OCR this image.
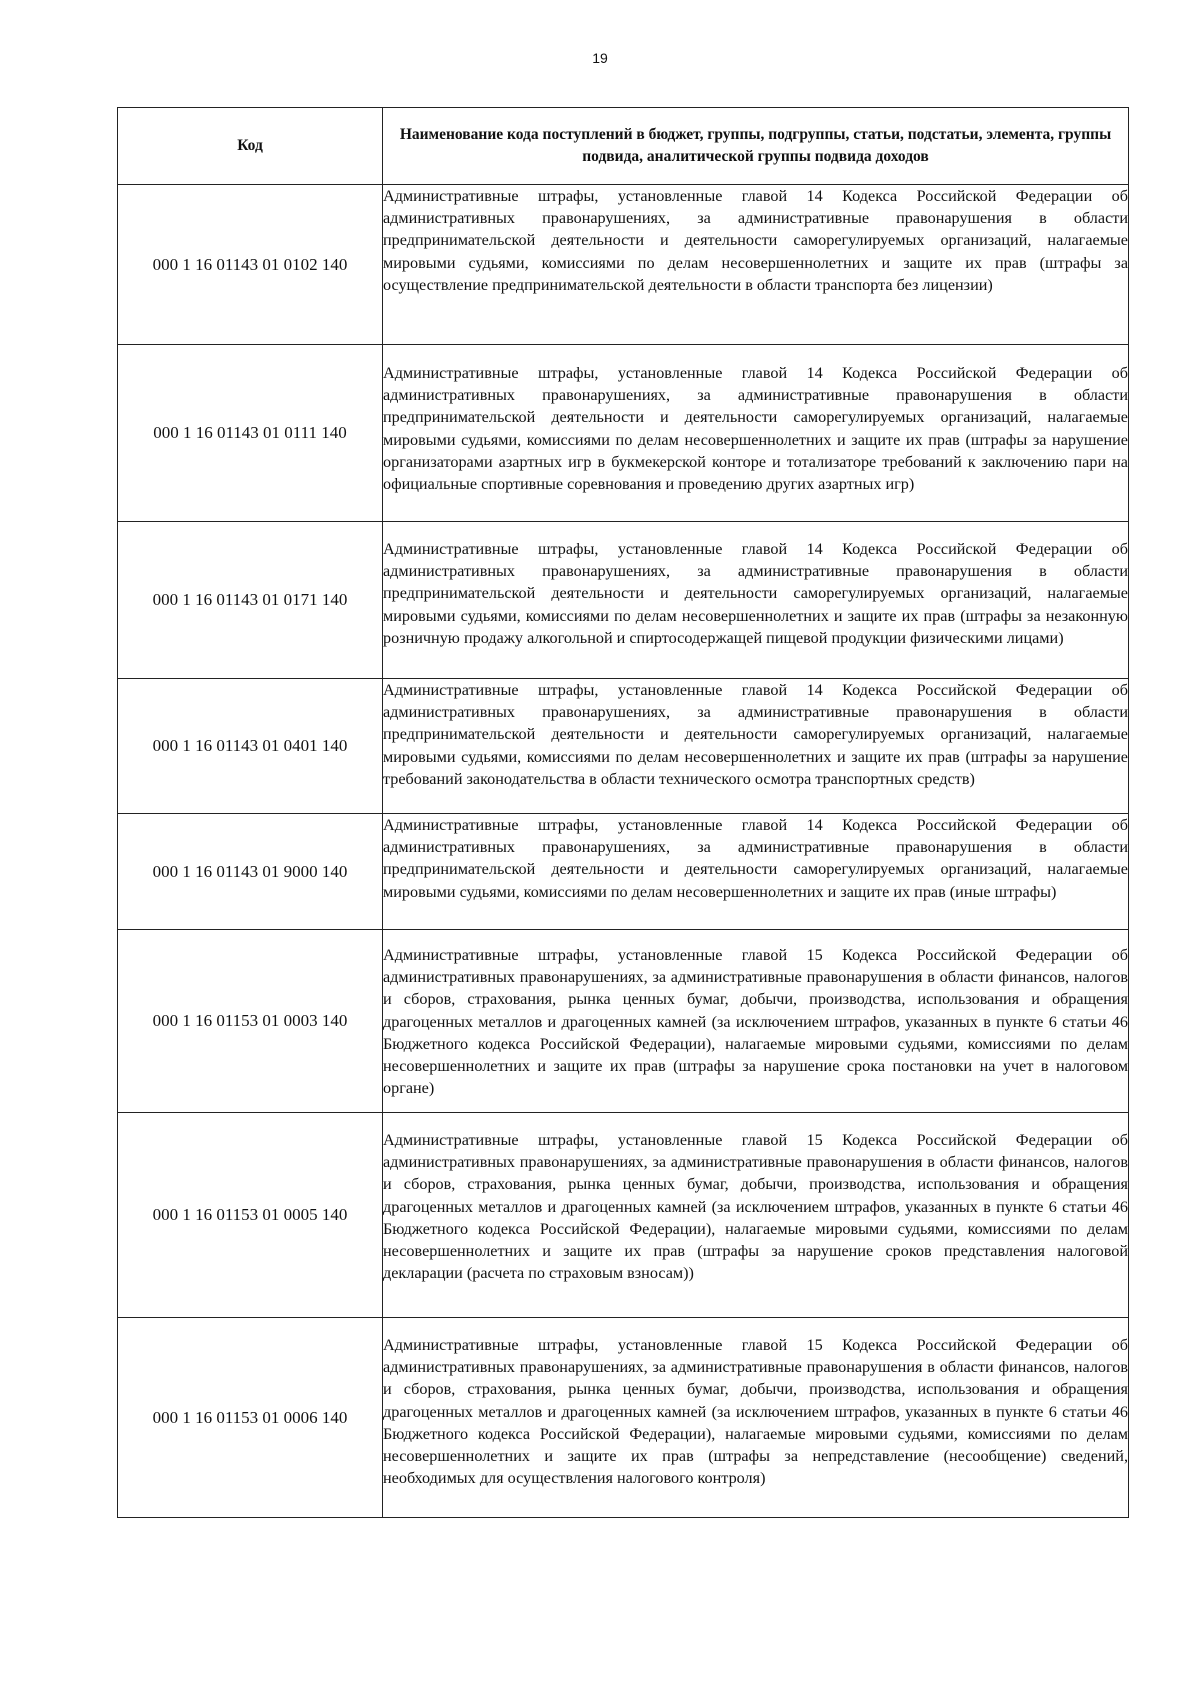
19
Код	Наименование кода поступлений в бюджет, группы, подгруппы, статьи, подстатьи, элемента, группы подвида, аналитической группы подвида доходов
000 1 16 01143 01 0102 140	Административные штрафы, установленные главой 14 Кодекса Российской Федерации об административных правонарушениях, за административные правонарушения в области предпринимательской деятельности и деятельности саморегулируемых организаций, налагаемые мировыми судьями, комиссиями по делам несовершеннолетних и защите их прав (штрафы за осуществление предпринимательской деятельности в области транспорта без лицензии)
000 1 16 01143 01 0111 140	Административные штрафы, установленные главой 14 Кодекса Российской Федерации об административных правонарушениях, за административные правонарушения в области предпринимательской деятельности и деятельности саморегулируемых организаций, налагаемые мировыми судьями, комиссиями по делам несовершеннолетних и защите их прав (штрафы за нарушение организаторами азартных игр в букмекерской конторе и тотализаторе требований к заключению пари на официальные спортивные соревнования и проведению других азартных игр)
000 1 16 01143 01 0171 140	Административные штрафы, установленные главой 14 Кодекса Российской Федерации об административных правонарушениях, за административные правонарушения в области предпринимательской деятельности и деятельности саморегулируемых организаций, налагаемые мировыми судьями, комиссиями по делам несовершеннолетних и защите их прав (штрафы за незаконную розничную продажу алкогольной и спиртосодержащей пищевой продукции физическими лицами)
000 1 16 01143 01 0401 140	Административные штрафы, установленные главой 14 Кодекса Российской Федерации об административных правонарушениях, за административные правонарушения в области предпринимательской деятельности и деятельности саморегулируемых организаций, налагаемые мировыми судьями, комиссиями по делам несовершеннолетних и защите их прав (штрафы за нарушение требований законодательства в области технического осмотра транспортных средств)
000 1 16 01143 01 9000 140	Административные штрафы, установленные главой 14 Кодекса Российской Федерации об административных правонарушениях, за административные правонарушения в области предпринимательской деятельности и деятельности саморегулируемых организаций, налагаемые мировыми судьями, комиссиями по делам несовершеннолетних и защите их прав (иные штрафы)
000 1 16 01153 01 0003 140	Административные штрафы, установленные главой 15 Кодекса Российской Федерации об административных правонарушениях, за административные правонарушения в области финансов, налогов и сборов, страхования, рынка ценных бумаг, добычи, производства, использования и обращения драгоценных металлов и драгоценных камней (за исключением штрафов, указанных в пункте 6 статьи 46 Бюджетного кодекса Российской Федерации), налагаемые мировыми судьями, комиссиями по делам несовершеннолетних и защите их прав (штрафы за нарушение срока постановки на учет в налоговом органе)
000 1 16 01153 01 0005 140	Административные штрафы, установленные главой 15 Кодекса Российской Федерации об административных правонарушениях, за административные правонарушения в области финансов, налогов и сборов, страхования, рынка ценных бумаг, добычи, производства, использования и обращения драгоценных металлов и драгоценных камней (за исключением штрафов, указанных в пункте 6 статьи 46 Бюджетного кодекса Российской Федерации), налагаемые мировыми судьями, комиссиями по делам несовершеннолетних и защите их прав (штрафы за нарушение сроков представления налоговой декларации (расчета по страховым взносам))
000 1 16 01153 01 0006 140	Административные штрафы, установленные главой 15 Кодекса Российской Федерации об административных правонарушениях, за административные правонарушения в области финансов, налогов и сборов, страхования, рынка ценных бумаг, добычи, производства, использования и обращения драгоценных металлов и драгоценных камней (за исключением штрафов, указанных в пункте 6 статьи 46 Бюджетного кодекса Российской Федерации), налагаемые мировыми судьями, комиссиями по делам несовершеннолетних и защите их прав (штрафы за непредставление (несообщение) сведений, необходимых для осуществления налогового контроля)
